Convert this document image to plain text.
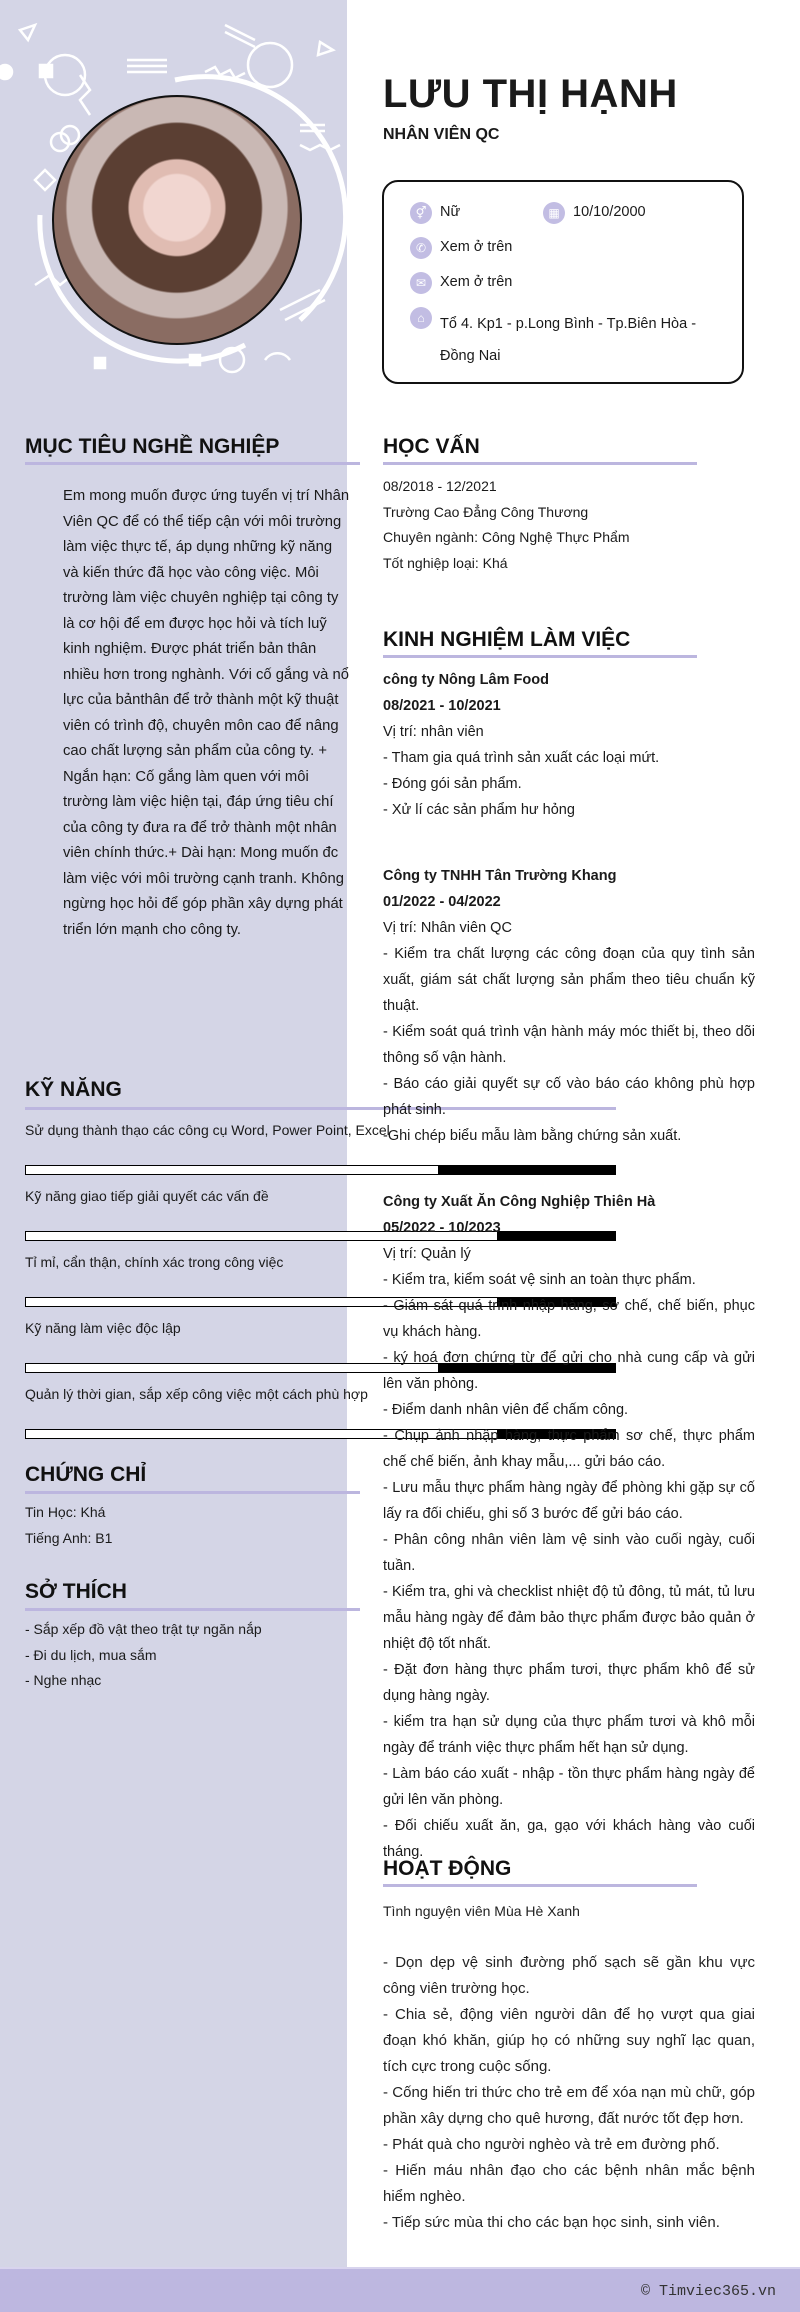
LƯU THỊ HẠNH
NHÂN VIÊN QC
⚥ Nữ	▦ 10/10/2000
✆ Xem ở trên
✉ Xem ở trên
⌂	Tổ 4. Kp1 - p.Long Bình - Tp.Biên Hòa - Đồng Nai
MỤC TIÊU NGHỀ NGHIỆP
Em mong muốn được ứng tuyển vị trí Nhân Viên QC để có thể tiếp cận với môi trường làm việc thực tế, áp dụng những kỹ năng và kiến thức đã học vào công việc. Môi trường làm việc chuyên nghiệp tại công ty là cơ hội để em được học hỏi và tích luỹ kinh nghiệm. Được phát triển bản thân nhiều hơn trong nghành. Với cố gắng và nổ lực của bảnthân để trở thành một kỹ thuật viên có trình độ, chuyên môn cao để nâng cao chất lượng sản phẩm của công ty. + Ngắn hạn: Cố gắng làm quen với môi trường làm việc hiện tại, đáp ứng tiêu chí của công ty đưa ra để trở thành một nhân viên chính thức.+ Dài hạn: Mong muốn đc làm việc với môi trường cạnh tranh. Không ngừng học hỏi để góp phần xây dựng phát triển lớn mạnh cho công ty.
KỸ NĂNG
Sử dụng thành thạo các công cụ Word, Power Point, Excel
Kỹ năng giao tiếp giải quyết các vấn đề
Tỉ mỉ, cẩn thận, chính xác trong công việc
Kỹ năng làm việc độc lập
Quản lý thời gian, sắp xếp công việc một cách phù hợp
CHỨNG CHỈ
Tin Học: Khá
Tiếng Anh: B1
SỞ THÍCH
- Sắp xếp đồ vật theo trật tự ngăn nắp
- Đi du lịch, mua sắm
- Nghe nhạc
HỌC VẤN
08/2018 - 12/2021
Trường Cao Đẳng Công Thương
Chuyên ngành: Công Nghệ Thực Phẩm
Tốt nghiệp loại: Khá
KINH NGHIỆM LÀM VIỆC

công ty Nông Lâm Food

08/2021 - 10/2021

Vị trí: nhân viên

- Tham gia quá trình sản xuất các loại mứt.

- Đóng gói sản phẩm.

- Xử lí các sản phẩm hư hỏng

Công ty TNHH Tân Trường Khang

01/2022 - 04/2022

Vị trí: Nhân viên QC

- Kiểm tra chất lượng các công đoạn của quy tình sản xuất, giám sát chất lượng sản phẩm theo tiêu chuẩn kỹ thuật.

- Kiểm soát quá trình vận hành máy móc thiết bị, theo dõi thông số vận hành.

- Báo cáo giải quyết sự cố vào báo cáo không phù hợp phát sinh.

-Ghi chép biểu mẫu làm bằng chứng sản xuất.

Công ty Xuất Ăn Công Nghiệp Thiên Hà

05/2022 - 10/2023

Vị trí: Quản lý

- Kiểm tra, kiểm soát vệ sinh an toàn thực phẩm.

- Giám sát quá trình nhập hàng, sơ chế, chế biến, phục vụ khách hàng.

- ký hoá đơn chứng từ để gửi cho nhà cung cấp và gửi lên văn phòng.

- Điểm danh nhân viên để chấm công.

- Chụp ảnh nhập hàng, thực phẩm sơ chế, thực phẩm chế chế biến, ảnh khay mẫu,... gửi báo cáo.

- Lưu mẫu thực phẩm hàng ngày để phòng khi gặp sự cố lấy ra đối chiếu, ghi số 3 bước để gửi báo cáo.

- Phân công nhân viên làm vệ sinh vào cuối ngày, cuối tuần.

- Kiểm tra, ghi và checklist nhiệt độ tủ đông, tủ mát, tủ lưu mẫu hàng ngày để đảm bảo thực phẩm được bảo quản ở nhiệt độ tốt nhất.

- Đặt đơn hàng thực phẩm tươi, thực phẩm khô để sử dụng hàng ngày.

- kiểm tra hạn sử dụng của thực phẩm tươi và khô mỗi ngày để tránh việc thực phẩm hết hạn sử dụng.

- Làm báo cáo xuất - nhập - tồn thực phẩm hàng ngày để gửi lên văn phòng.

- Đối chiếu xuất ăn, ga, gạo với khách hàng vào cuối tháng.

HOẠT ĐỘNG

Tình nguyện viên Mùa Hè Xanh

- Dọn dẹp vệ sinh đường phố sạch sẽ gần khu vực công viên trường học.

- Chia sẻ, động viên người dân để họ vượt qua giai đoạn khó khăn, giúp họ có những suy nghĩ lạc quan, tích cực trong cuộc sống.

- Cống hiến tri thức cho trẻ em để xóa nạn mù chữ, góp phần xây dựng cho quê hương, đất nước tốt đẹp hơn.

- Phát quà cho người nghèo và trẻ em đường phố.

- Hiến máu nhân đạo cho các bệnh nhân mắc bệnh hiểm nghèo.

- Tiếp sức mùa thi cho các bạn học sinh, sinh viên.

© Timviec365.vn
